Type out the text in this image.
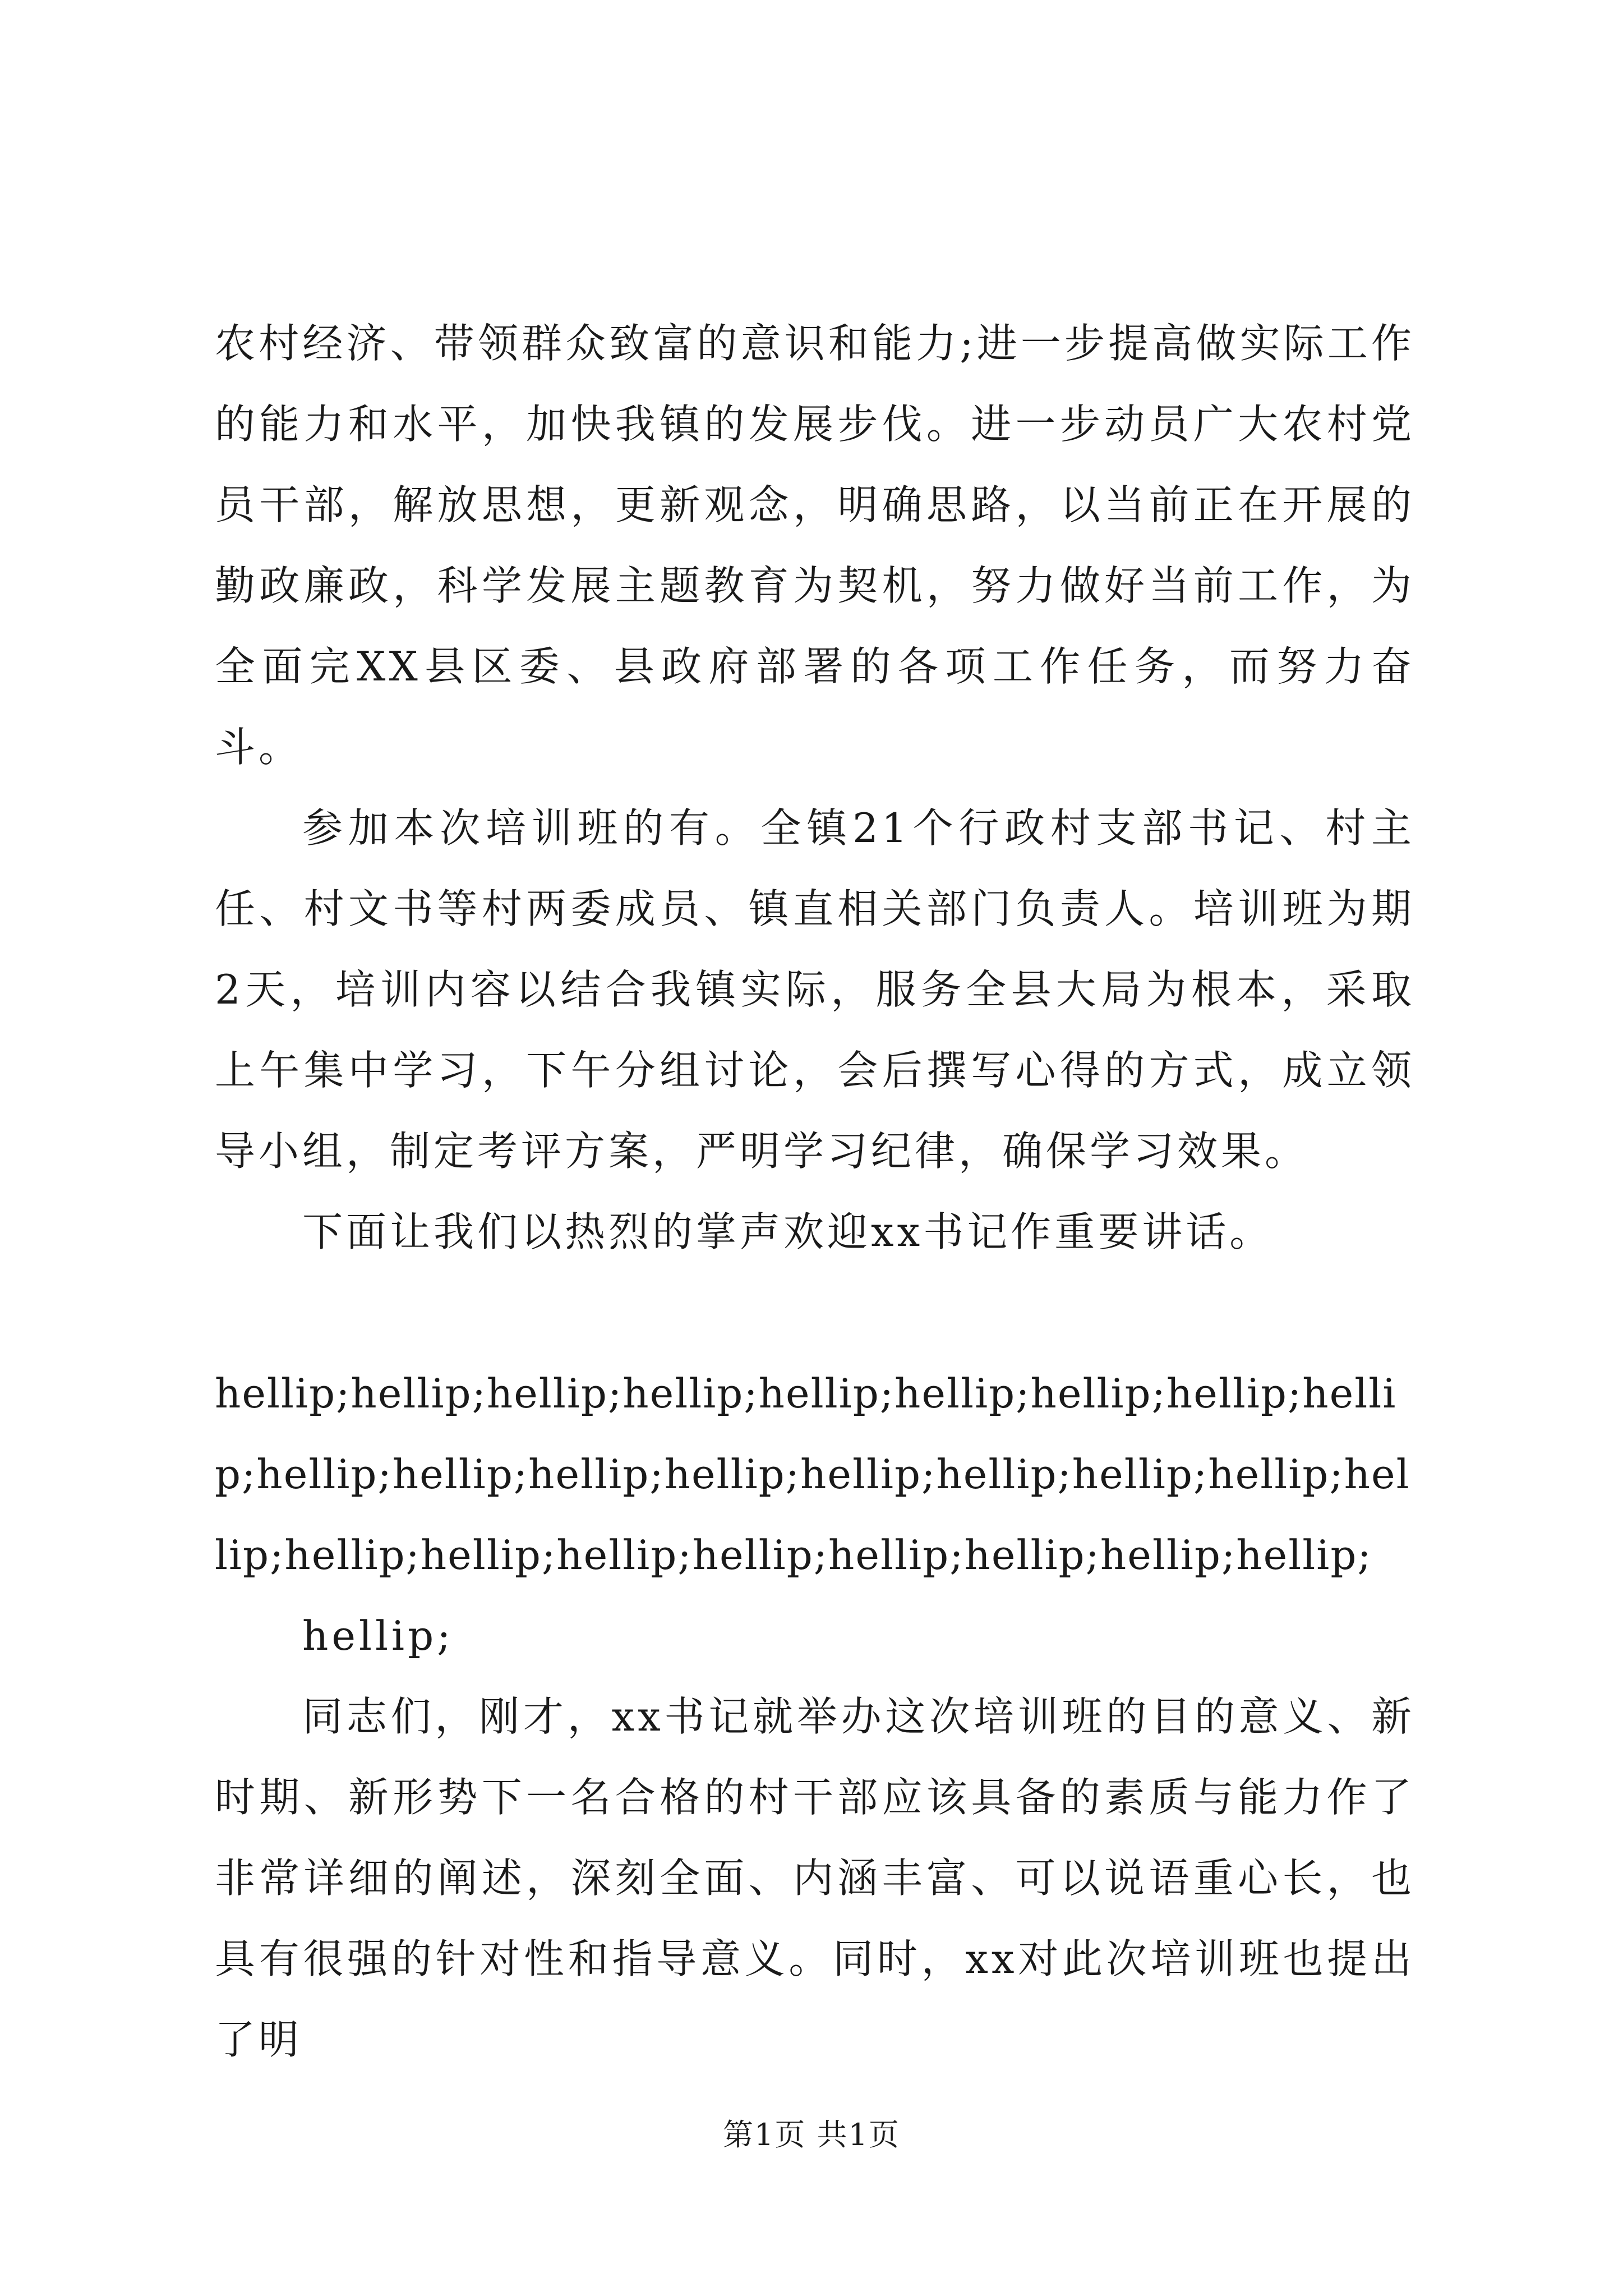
农村经济、带领群众致富的意识和能力;进一步提高做实际工作的能力和水平，加快我镇的发展步伐。进一步动员广大农村党员干部，解放思想，更新观念，明确思路，以当前正在开展的勤政廉政，科学发展主题教育为契机，努力做好当前工作，为全面完XX县区委、县政府部署的各项工作任务，而努力奋斗。

参加本次培训班的有。全镇21个行政村支部书记、村主任、村文书等村两委成员、镇直相关部门负责人。培训班为期2天，培训内容以结合我镇实际，服务全县大局为根本，采取上午集中学习，下午分组讨论，会后撰写心得的方式，成立领导小组，制定考评方案，严明学习纪律，确保学习效果。

下面让我们以热烈的掌声欢迎xx书记作重要讲话。

hellip;hellip;hellip;hellip;hellip;hellip;hellip;hellip;hellip;hellip;hellip;hellip;hellip;hellip;hellip;hellip;hellip;hellip;hellip;hellip;hellip;hellip;hellip;hellip;hellip;hellip;

hellip;

同志们，刚才，xx书记就举办这次培训班的目的意义、新时期、新形势下一名合格的村干部应该具备的素质与能力作了非常详细的阐述，深刻全面、内涵丰富、可以说语重心长，也具有很强的针对性和指导意义。同时，xx对此次培训班也提出了明

第1页 共1页
